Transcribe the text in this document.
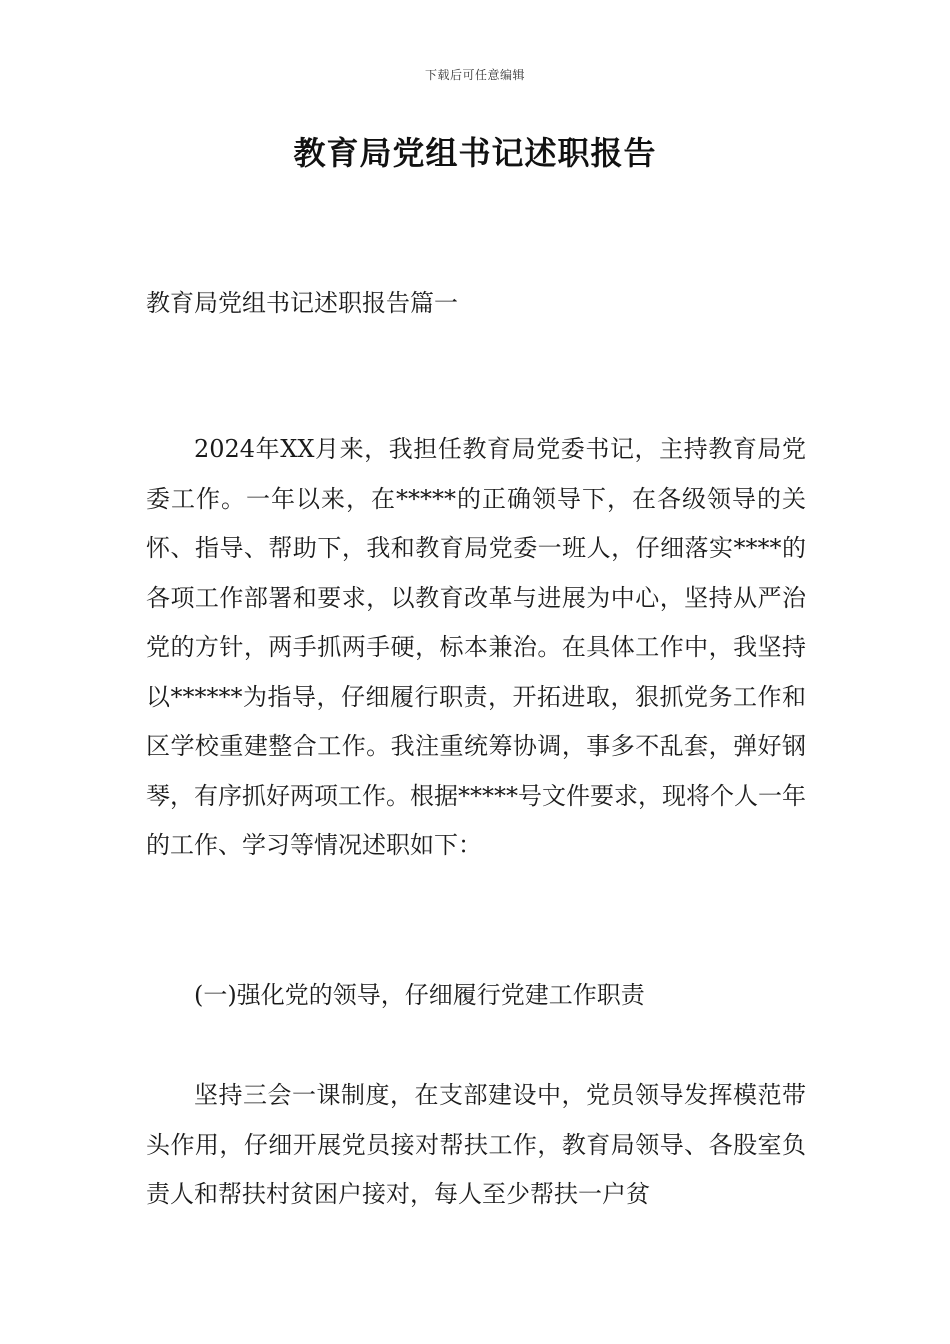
下载后可任意编辑
教育局党组书记述职报告
教育局党组书记述职报告篇一

2024年XX月来，我担任教育局党委书记，主持教育局党委工作。一年以来，在*****的正确领导下，在各级领导的关怀、指导、帮助下，我和教育局党委一班人，仔细落实****的各项工作部署和要求，以教育改革与进展为中心，坚持从严治党的方针，两手抓两手硬，标本兼治。在具体工作中，我坚持以******为指导，仔细履行职责，开拓进取，狠抓党务工作和区学校重建整合工作。我注重统筹协调，事多不乱套，弹好钢琴，有序抓好两项工作。根据*****号文件要求，现将个人一年的工作、学习等情况述职如下：

(一)强化党的领导，仔细履行党建工作职责

坚持三会一课制度，在支部建设中，党员领导发挥模范带头作用，仔细开展党员接对帮扶工作，教育局领导、各股室负责人和帮扶村贫困户接对，每人至少帮扶一户贫
